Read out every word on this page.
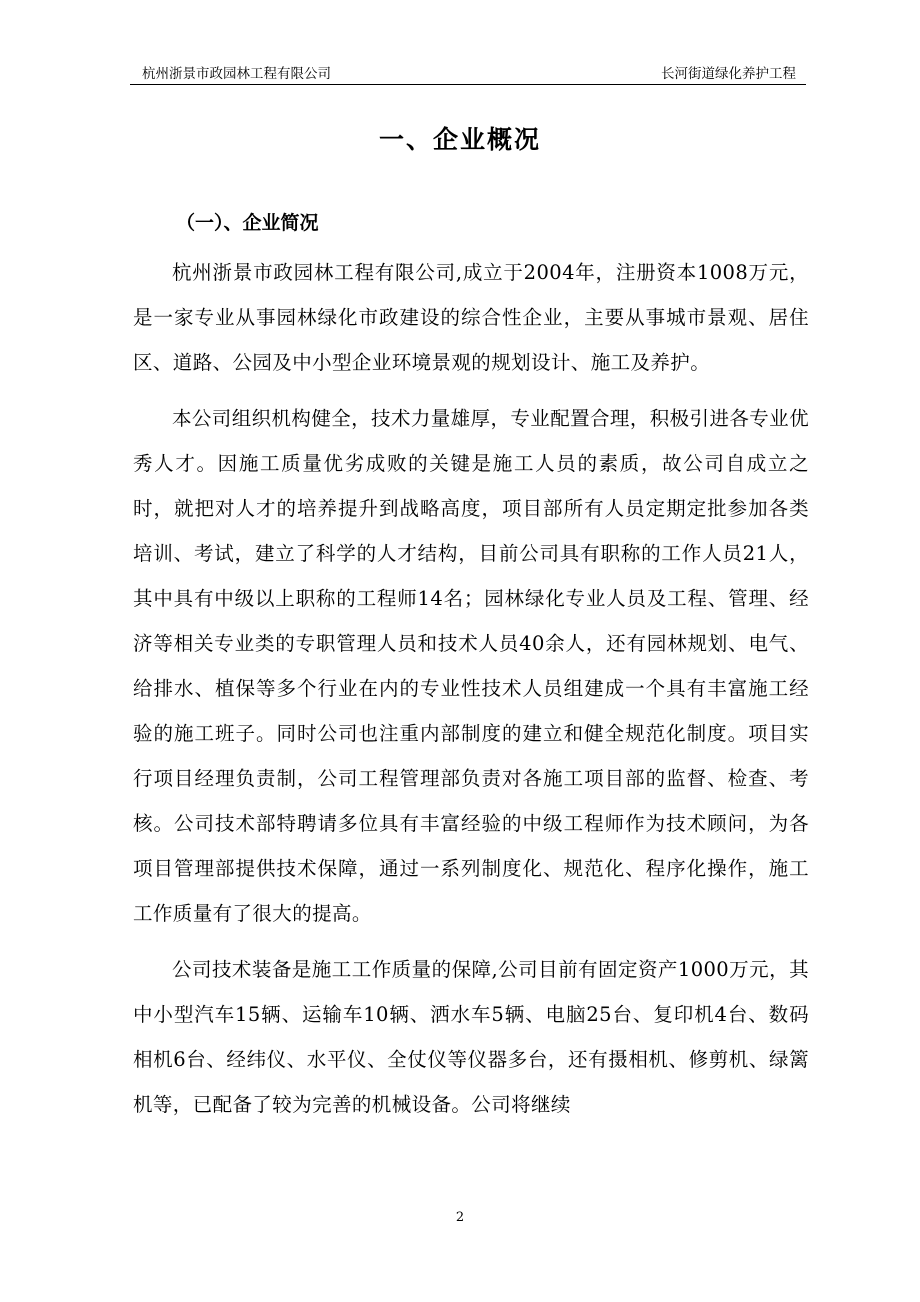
杭州浙景市政园林工程有限公司	长河街道绿化养护工程
一、企业概况
（一）、企业简况

杭州浙景市政园林工程有限公司,成立于2004年，注册资本1008万元，是一家专业从事园林绿化市政建设的综合性企业，主要从事城市景观、居住区、道路、公园及中小型企业环境景观的规划设计、施工及养护。

本公司组织机构健全，技术力量雄厚，专业配置合理，积极引进各专业优秀人才。因施工质量优劣成败的关键是施工人员的素质，故公司自成立之时，就把对人才的培养提升到战略高度，项目部所有人员定期定批参加各类培训、考试，建立了科学的人才结构，目前公司具有职称的工作人员21人，其中具有中级以上职称的工程师14名；园林绿化专业人员及工程、管理、经济等相关专业类的专职管理人员和技术人员40余人，还有园林规划、电气、给排水、植保等多个行业在内的专业性技术人员组建成一个具有丰富施工经验的施工班子。同时公司也注重内部制度的建立和健全规范化制度。项目实行项目经理负责制，公司工程管理部负责对各施工项目部的监督、检查、考核。公司技术部特聘请多位具有丰富经验的中级工程师作为技术顾问，为各项目管理部提供技术保障，通过一系列制度化、规范化、程序化操作，施工工作质量有了很大的提高。

公司技术装备是施工工作质量的保障,公司目前有固定资产1000万元，其中小型汽车15辆、运输车10辆、洒水车5辆、电脑25台、复印机4台、数码相机6台、经纬仪、水平仪、全仗仪等仪器多台，还有摄相机、修剪机、绿篱机等，已配备了较为完善的机械设备。公司将继续

2
